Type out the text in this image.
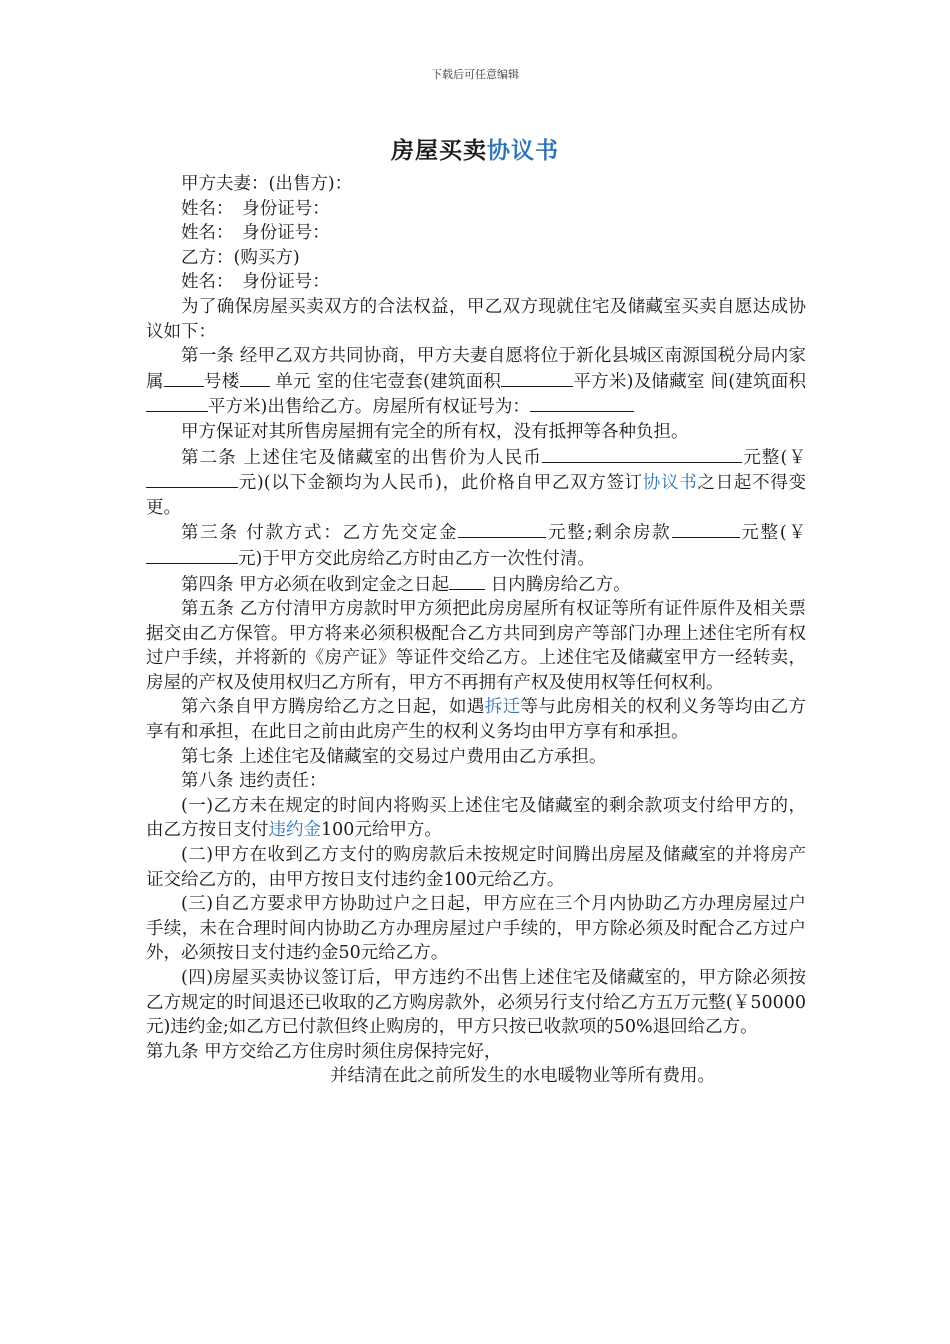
下载后可任意编辑
房屋买卖协议书

甲方夫妻：(出售方)：

姓名：　身份证号：

姓名：　身份证号：

乙方：(购买方)

姓名：　身份证号：

为了确保房屋买卖双方的合法权益，甲乙双方现就住宅及储藏室买卖自愿达成协议如下：

第一条 经甲乙双方共同协商，甲方夫妻自愿将位于新化县城区南源国税分局内家属 号楼 单元 室的住宅壹套(建筑面积	平方米)及储藏室 间(建筑面积平方米)出售给乙方。房屋所有权证号为：

甲方保证对其所售房屋拥有完全的所有权，没有抵押等各种负担。

第二条 上述住宅及储藏室的出售价为人民币	元整(￥元)(以下金额均为人民币)，此价格自甲乙双方签订协议书之日起不得变更。

第三条 付款方式：乙方先交定金	元整;剩余房款	元整(￥元)于甲方交此房给乙方时由乙方一次性付清。

第四条 甲方必须在收到定金之日起 日内腾房给乙方。

第五条 乙方付清甲方房款时甲方须把此房房屋所有权证等所有证件原件及相关票据交由乙方保管。甲方将来必须积极配合乙方共同到房产等部门办理上述住宅所有权过户手续，并将新的《房产证》等证件交给乙方。上述住宅及储藏室甲方一经转卖，房屋的产权及使用权归乙方所有，甲方不再拥有产权及使用权等任何权利。

第六条自甲方腾房给乙方之日起，如遇拆迁等与此房相关的权利义务等均由乙方享有和承担，在此日之前由此房产生的权利义务均由甲方享有和承担。

第七条 上述住宅及储藏室的交易过户费用由乙方承担。

第八条 违约责任：

(一)乙方未在规定的时间内将购买上述住宅及储藏室的剩余款项支付给甲方的，由乙方按日支付违约金100元给甲方。

(二)甲方在收到乙方支付的购房款后未按规定时间腾出房屋及储藏室的并将房产证交给乙方的，由甲方按日支付违约金100元给乙方。

(三)自乙方要求甲方协助过户之日起，甲方应在三个月内协助乙方办理房屋过户手续，未在合理时间内协助乙方办理房屋过户手续的，甲方除必须及时配合乙方过户外，必须按日支付违约金50元给乙方。

(四)房屋买卖协议签订后，甲方违约不出售上述住宅及储藏室的，甲方除必须按乙方规定的时间退还已收取的乙方购房款外，必须另行支付给乙方五万元整(￥50000元)违约金;如乙方已付款但终止购房的，甲方只按已收款项的50%退回给乙方。

第九条 甲方交给乙方住房时须住房保持完好，

并结清在此之前所发生的水电暖物业等所有费用。
